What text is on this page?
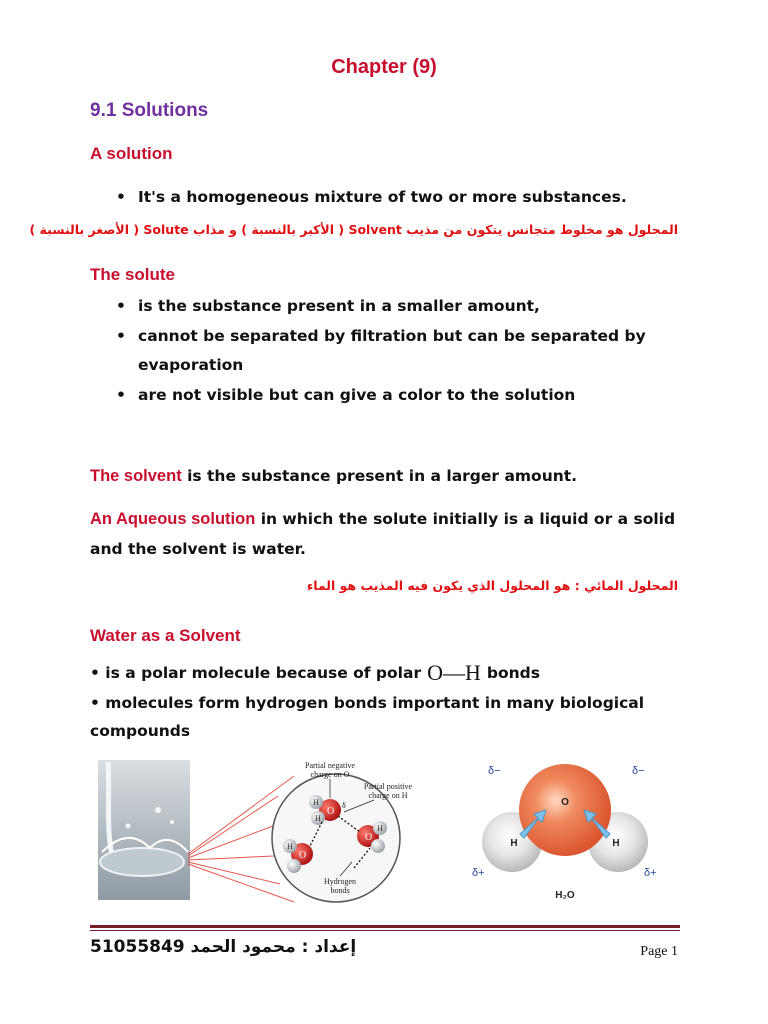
Chapter (9)
9.1 Solutions
A solution
• It's a homogeneous mixture of two or more substances.
المحلول هو مخلوط متجانس يتكون من مذيب Solvent ( الأكبر بالنسبة ) و مذاب Solute ( الأصغر بالنسبة )
The solute
• is the substance present in a smaller amount,
• cannot be separated by filtration but can be separated by
evaporation
• are not visible but can give a color to the solution
The solvent is the substance present in a larger amount.
An Aqueous solution in which the solute initially is a liquid or a solid
and the solvent is water.
المحلول المائي : هو المحلول الذي يكون فيه المذيب هو الماء
Water as a Solvent
• is a polar molecule because of polar O—H bonds
• molecules form hydrogen bonds important in many biological
compounds
O
H
H
O
H
O
H
δ
Partial negative
charge on O
Partial positive
charge on H
Hydrogen
bonds
O
H	H
δ−	δ−
δ+	δ+
H₂O
إعداد : محمود الحمد 51055849	Page 1
